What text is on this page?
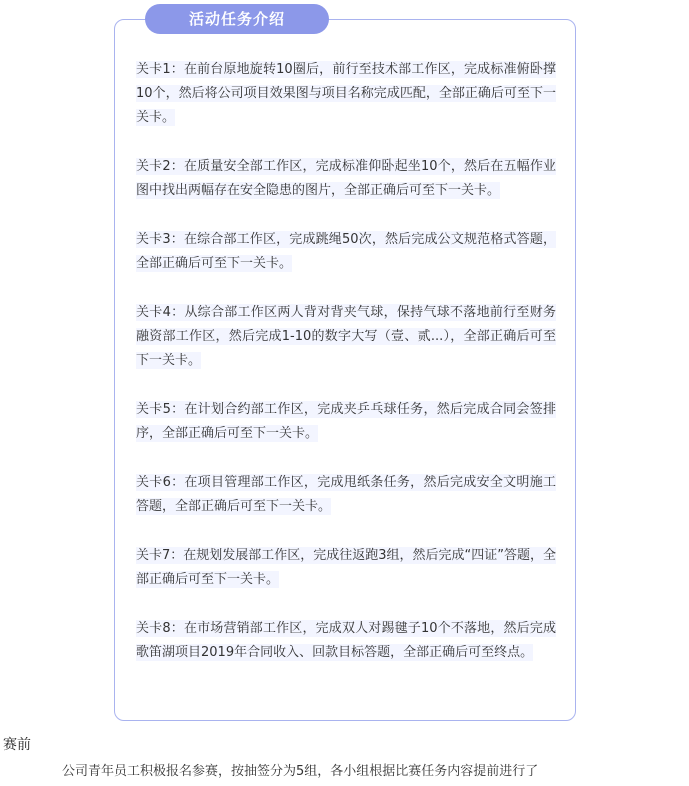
活动任务介绍
关卡1：在前台原地旋转10圈后，前行至技术部工作区，完成标准俯卧撑10个，然后将公司项目效果图与项目名称完成匹配，全部正确后可至下一关卡。
关卡2：在质量安全部工作区，完成标准仰卧起坐10个，然后在五幅作业图中找出两幅存在安全隐患的图片，全部正确后可至下一关卡。
关卡3：在综合部工作区，完成跳绳50次，然后完成公文规范格式答题，全部正确后可至下一关卡。
关卡4：从综合部工作区两人背对背夹气球，保持气球不落地前行至财务融资部工作区，然后完成1-10的数字大写（壹、贰...），全部正确后可至下一关卡。
关卡5：在计划合约部工作区，完成夹乒乓球任务，然后完成合同会签排序，全部正确后可至下一关卡。
关卡6：在项目管理部工作区，完成甩纸条任务，然后完成安全文明施工答题，全部正确后可至下一关卡。
关卡7：在规划发展部工作区，完成往返跑3组，然后完成“四证”答题，全部正确后可至下一关卡。
关卡8：在市场营销部工作区，完成双人对踢毽子10个不落地，然后完成歌笛湖项目2019年合同收入、回款目标答题，全部正确后可至终点。
赛前
公司青年员工积极报名参赛，按抽签分为5组，各小组根据比赛任务内容提前进行了
